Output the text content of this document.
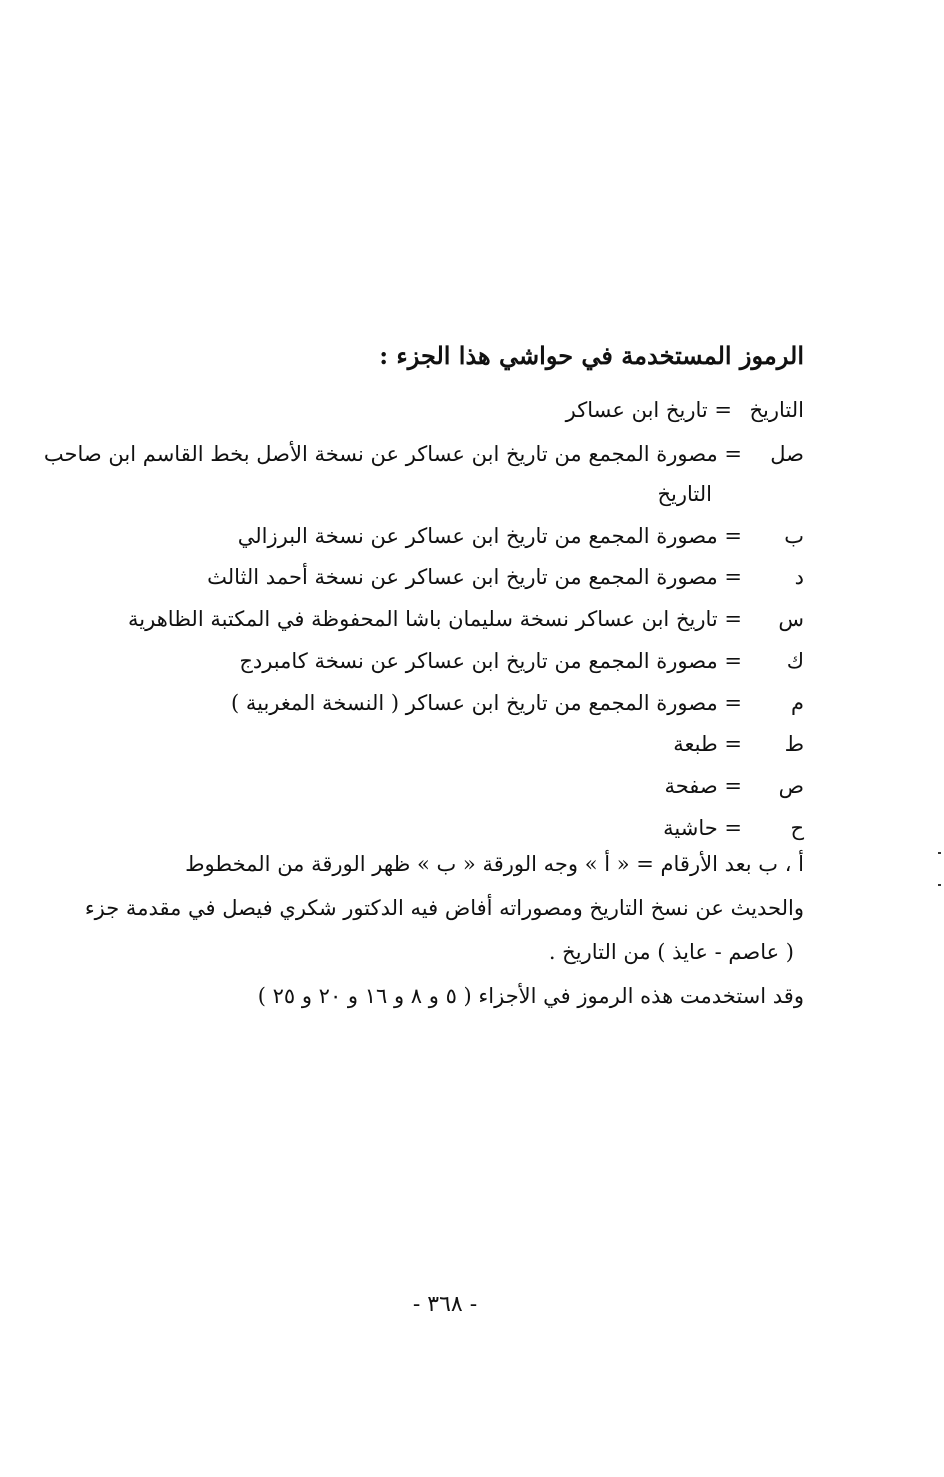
الرموز المستخدمة في حواشي هذا الجزء :
التاريخ
= تاريخ ابن عساكر
صل
= مصورة المجمع من تاريخ ابن عساكر عن نسخة الأصل بخط القاسم ابن صاحب
التاريخ
ب
= مصورة المجمع من تاريخ ابن عساكر عن نسخة البرزالي
د
= مصورة المجمع من تاريخ ابن عساكر عن نسخة أحمد الثالث
س
= تاريخ ابن عساكر نسخة سليمان باشا المحفوظة في المكتبة الظاهرية
ك
= مصورة المجمع من تاريخ ابن عساكر عن نسخة كامبردج
م
= مصورة المجمع من تاريخ ابن عساكر ( النسخة المغربية )
ط
= طبعة
ص
= صفحة
ح
= حاشية
أ ، ب بعد الأرقام = « أ » وجه الورقة « ب » ظهر الورقة من المخطوط
والحديث عن نسخ التاريخ ومصوراته أفاض فيه الدكتور شكري فيصل في مقدمة جزء
( عاصم - عايذ ) من التاريخ .
وقد استخدمت هذه الرموز في الأجزاء ( ٥ و ٨ و ١٦ و ٢٠ و ٢٥ )
- ٣٦٨ -
